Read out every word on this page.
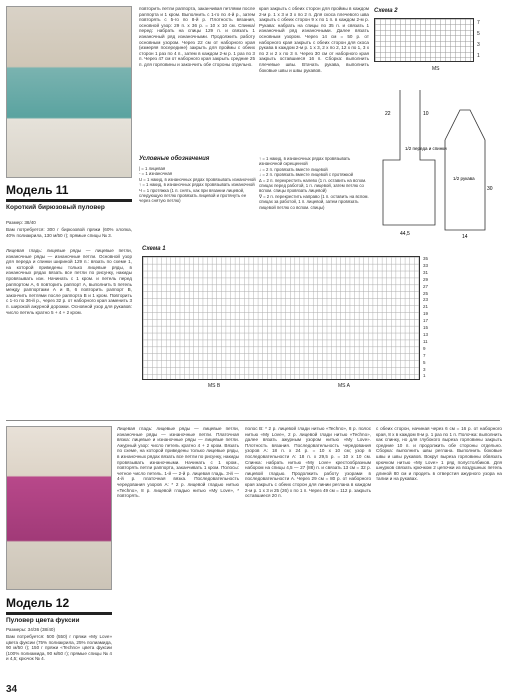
Модель 11
Короткий бирюзовый пуловер
Размер: 38/40
Вам потребуется: 300 г бирюзовой пряжи (60% хлопка, 40% полиакрила, 130 м/50 г); прямые спицы № 3.
Лицевая гладь: лицевые ряды — лицевые петли, изнаночные ряды — изнаночные петли. Основной узор для переда и спинки шириной 129 п.: вязать по схеме 1, на которой приведены только лицевые ряды, в изнаночных рядах вязать все петли по рисунку, накиды провязывать изн. Начинать с 1 кром. и петель перед раппортом А, 6 повторить раппорт А, выполнить 5 петель между раппортами А и В, 6 повторить раппорт В, закончить петлями после раппорта В и 1 кром. Повторить с 1-го по 36-й р., через 32 р. от наборного края заменить 3 п. широкой ажурной дорожки. Основной узор для рукавов: число петель кратно 5 + 4 + 2 кром.
повторить петли раппорта, заканчивая петлями после раппорта и 1 кром. Выполнить с 1-го по 4-й р., затем повторять с 5-го по 8-й р. Плотность вязания, основной узор: 29 п. x 36 р. = 10 x 10 см. Спинка/перед: набрать на спицы 129 п. и связать 1 изнаночный ряд изнаночными. Продолжить работу основным узором. Через 22 см от наборного края (измеряя посередине) закрыть для проймы с обеих сторон 1 раз по 4 п., затем в каждом 2-м р. 1 раз по 3 п. Через 47 см от наборного края закрыть средние 25 п. для горловины и закончить обе стороны отдельно.
края закрыть с обеих сторон для проймы в каждом 2-м р. 1 x 3 и 3 x по 2 п. Для скоса плечевого шва закрыть с обеих сторон 9 x по 1 п. в каждом 2-м р. Рукава: набрать на спицы по 35 п. и связать 1 изнаночный ряд изнаночными. Далее вязать основным узором. Через 14 см = 50 р. от наборного края закрыть с обеих сторон для скоса рукава в каждом 2-м р. 1 x 3, 2 x по 2, 12 x по 1, 3 x по 2 и 2 x по 3 п. Через 30 см от наборного края закрыть оставшиеся 16 п. Сборка: выполнить плечевые швы. Втачать рукава, выполнить боковые швы и швы рукавов.
Схема 2
7
5
3
1
MS
1/2 переда и спинки
22	10
44,5
1/2 рукава
30
14
Условные обозначения
| = 1 лицевая
- = 1 изнаночная
U = 1 накид, в изнаночных рядах провязывать изнаночной
↑ = 1 накид, в изнаночных рядах провязывать изнаночной
Ч = 1 протяжка (1 п. снять, как при вязании лицевой, следующую петлю провязать лицевой и протянуть ее через снятую петлю)
↑ = 1 накид, в изнаночных рядах провязывать изнаночной скрещенной
↓ = 2 п. провязать вместе лицевой
↓ = 2 п. провязать вместе лицевой с протяжкой
∆ = 2 п. перекрестить налево (1 п. оставить на вспом. спицах перед работой, 1 п. лицевой, затем петлю со вспом. спицы провязать лицевой)
∇ = 2 п. перекрестить направо (1 п. оставить на вспом. спицах за работой, 1 п. лицевой, затем провязать лицевой петлю со вспом. спицы)
Схема 1
35
33
31
29
27
25
23
21
19
17
15
13
11
9
7
5
3
1
MS B	MS A
Модель 12
Пуловер цвета фуксии
Размеры: 34/36 (38/40)
Вам потребуется: 500 (550) г пряжи «My Love» цвета фуксии (75% полиакрила, 25% полиамида, 90 м/50 г); 150 г пряжи «Techno» цвета фуксии (100% полиамида, 90 м/50 г); прямые спицы № 4 и 4,5; крючок № 4.
Лицевая гладь: лицевые ряды — лицевые петли, изнаночные ряды — изнаночные петли. Платочная вязка: лицевые и изнаночные ряды — лицевые петли. Ажурный узор: число петель кратно 4 + 2 кром. Вязать по схеме, на которой приведены только лицевые ряды, в изнаночных рядах вязать все петли по рисунку, накиды провязывать изнаночными. Начинать с 1 кром., повторять петли раппорта, заканчивать 1 кром. Полосы: четное число петель. 1-й — 2-й р. лицевая гладь. 3-й — 4-й р. платочная вязка. Последовательность чередования узоров А: * 2 р. лицевой гладью нитью «Techno», 8 р. лицевой гладью нитью «My Love», * повторять.
полос В: * 2 р. лицевой глади нитью «Techno», 8 р. полос нитью «My Love», 2 р. лицевой глади нитью «Techno», далее вязать ажурным узором нитью «My Love». Плотность вязания. Последовательность чередования узоров А: 18 п. x 24 р. = 10 x 10 см; узор в последовательности А: 18 п. x 29,5 р. = 10 x 10 см. Спинка: набрать нитью «My Love» крестообразным набором на спицы 4,5 — 27 (88) п. и связать 13 см = 32 р. лицевой гладью. Продолжить работу узорами в последовательности А. Через 29 см = 80 р. от наборного края закрыть с обеих сторон для линии реглана в каждом 2-м р. 1 x 3 и 25 (26) x по 1 п. Через 49 см = 112 р. закрыть оставшиеся 20 п.
с обеих сторон, начиная через 6 см = 16 р. от наборного края, 8 x в каждом 8-м р. 1 раз по 1 п. Полочка: выполнить как спинку, но для глубокого выреза горловины закрыть средние 10 п. и продолжить обе стороны отдельно. Сборка: выполнить швы реглана. Выполнить боковые швы и швы рукавов. Вокруг выреза горловины обвязать крючком нитью «My Love» 1 ряд полустолбиков. Для шнурков связать крючком 2 цепочки из воздушных петель длиной 80 см и продеть в отверстия ажурного узора на талии и на рукавах.
34
